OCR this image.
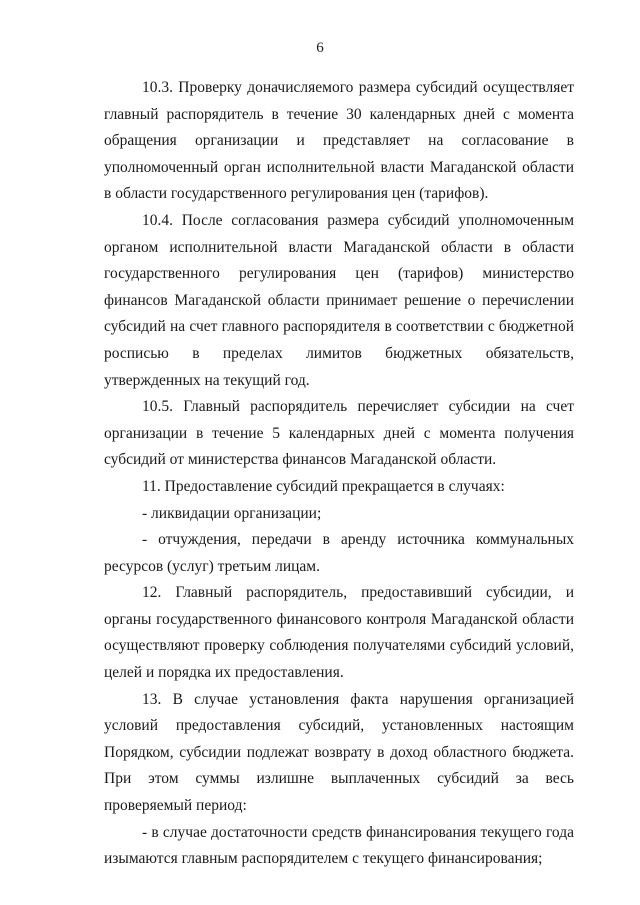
6

10.3. Проверку доначисляемого размера субсидий осуществляет главный распорядитель в течение 30 календарных дней с момента обращения организации и представляет на согласование в уполномоченный орган исполнительной власти Магаданской области в области государственного регулирования цен (тарифов).

10.4. После согласования размера субсидий уполномоченным органом исполнительной власти Магаданской области в области государственного регулирования цен (тарифов) министерство финансов Магаданской области принимает решение о перечислении субсидий на счет главного распорядителя в соответствии с бюджетной росписью в пределах лимитов бюджетных обязательств, утвержденных на текущий год.

10.5. Главный распорядитель перечисляет субсидии на счет организации в течение 5 календарных дней с момента получения субсидий от министерства финансов Магаданской области.

11. Предоставление субсидий прекращается в случаях:

- ликвидации организации;

- отчуждения, передачи в аренду источника коммунальных ресурсов (услуг) третьим лицам.

12. Главный распорядитель, предоставивший субсидии, и органы государственного финансового контроля Магаданской области осуществляют проверку соблюдения получателями субсидий условий, целей и порядка их предоставления.

13. В случае установления факта нарушения организацией условий предоставления субсидий, установленных настоящим Порядком, субсидии подлежат возврату в доход областного бюджета. При этом суммы излишне выплаченных субсидий за весь проверяемый период:

- в случае достаточности средств финансирования текущего года изымаются главным распорядителем с текущего финансирования;
